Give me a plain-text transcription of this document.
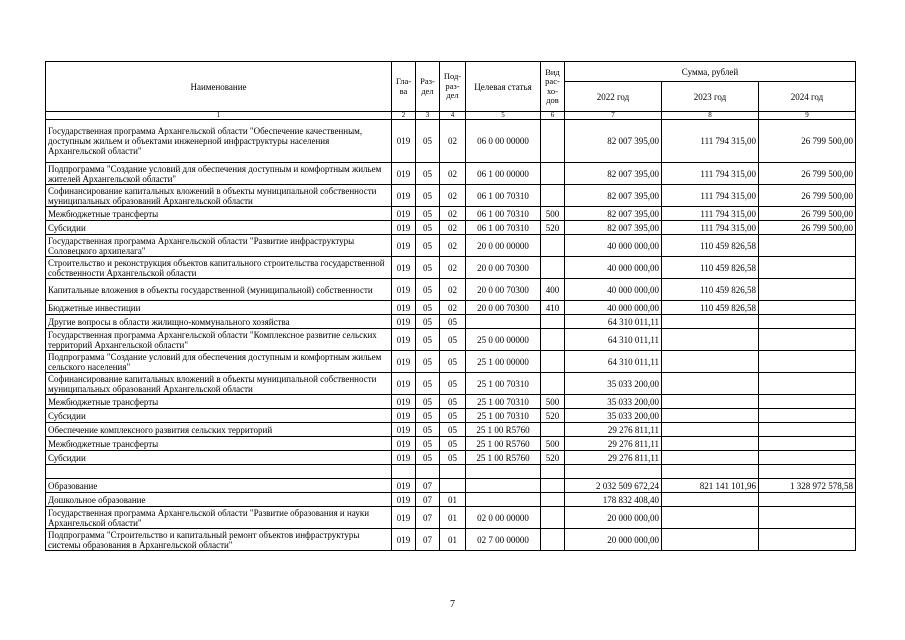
Наименование	Гла-ва	Раз-дел	Под-раз-дел	Целевая статья	Вид рас-хо-дов	Сумма, рублей		
						2022 год	2023 год	2024 год
1	2	3	4	5	6	7	8	9
Государственная программа Архангельской области "Обеспечение качественным, доступным жильем и объектами инженерной инфраструктуры населения Архангельской области"	019	05	02	06 0 00 00000		82 007 395,00	111 794 315,00	26 799 500,00
Подпрограмма "Создание условий для обеспечения доступным и комфортным жильем жителей Архангельской области"	019	05	02	06 1 00 00000		82 007 395,00	111 794 315,00	26 799 500,00
Софинансирование капитальных вложений в объекты муниципальной собственности муниципальных образований Архангельской области	019	05	02	06 1 00 70310		82 007 395,00	111 794 315,00	26 799 500,00
Межбюджетные трансферты	019	05	02	06 1 00 70310	500	82 007 395,00	111 794 315,00	26 799 500,00
Субсидии	019	05	02	06 1 00 70310	520	82 007 395,00	111 794 315,00	26 799 500,00
Государственная программа Архангельской области "Развитие инфраструктуры Соловецкого архипелага"	019	05	02	20 0 00 00000		40 000 000,00	110 459 826,58	
Строительство и реконструкция объектов капитального строительства государственной собственности Архангельской области	019	05	02	20 0 00 70300		40 000 000,00	110 459 826,58	
Капитальные вложения в объекты государственной (муниципальной) собственности	019	05	02	20 0 00 70300	400	40 000 000,00	110 459 826,58	
Бюджетные инвестиции	019	05	02	20 0 00 70300	410	40 000 000,00	110 459 826,58	
Другие вопросы в области жилищно-коммунального хозяйства	019	05	05			64 310 011,11		
Государственная программа Архангельской области "Комплексное развитие сельских территорий Архангельской области"	019	05	05	25 0 00 00000		64 310 011,11		
Подпрограмма "Создание условий для обеспечения доступным и комфортным жильем сельского населения"	019	05	05	25 1 00 00000		64 310 011,11		
Софинансирование капитальных вложений в объекты муниципальной собственности муниципальных образований Архангельской области	019	05	05	25 1 00 70310		35 033 200,00		
Межбюджетные трансферты	019	05	05	25 1 00 70310	500	35 033 200,00		
Субсидии	019	05	05	25 1 00 70310	520	35 033 200,00		
Обеспечение комплексного развития сельских территорий	019	05	05	25 1 00 R5760		29 276 811,11		
Межбюджетные трансферты	019	05	05	25 1 00 R5760	500	29 276 811,11		
Субсидии	019	05	05	25 1 00 R5760	520	29 276 811,11		

Образование	019	07				2 032 509 672,24	821 141 101,96	1 328 972 578,58
Дошкольное образование	019	07	01			178 832 408,40		
Государственная программа Архангельской области "Развитие образования и науки Архангельской области"	019	07	01	02 0 00 00000		20 000 000,00		
Подпрограмма "Строительство и капитальный ремонт объектов инфраструктуры системы образования в Архангельской области"	019	07	01	02 7 00 00000		20 000 000,00		
7
